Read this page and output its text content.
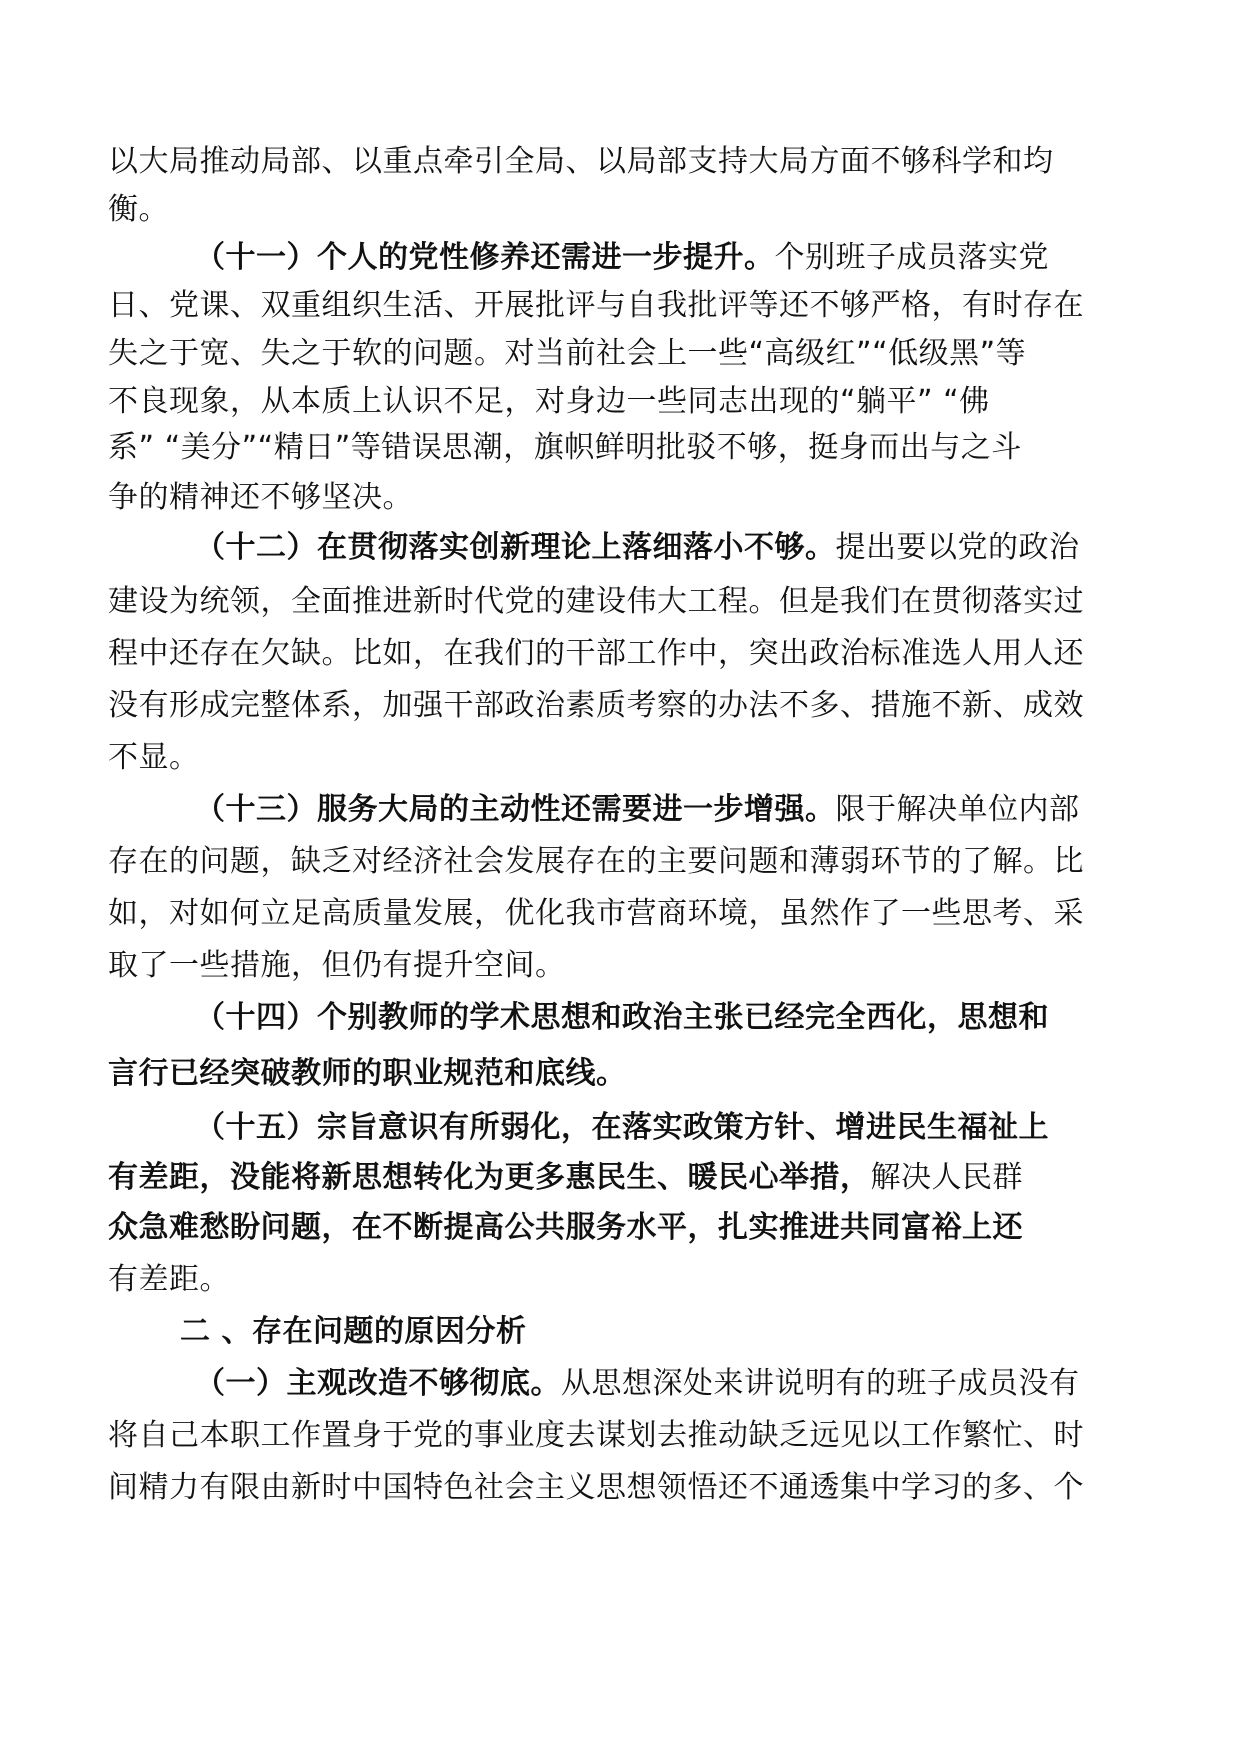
以大局推动局部、以重点牵引全局、以局部支持大局方面不够科学和均
衡。
（十一）个人的党性修养还需进一步提升。个别班子成员落实党
日、党课、双重组织生活、开展批评与自我批评等还不够严格，有时存在
失之于宽、失之于软的问题。对当前社会上一些“高级红”“低级黑”等
不良现象，从本质上认识不足，对身边一些同志出现的“躺平” “佛
系” “美分”“精日”等错误思潮，旗帜鲜明批驳不够，挺身而出与之斗
争的精神还不够坚决。
（十二）在贯彻落实创新理论上落细落小不够。提出要以党的政治
建设为统领，全面推进新时代党的建设伟大工程。但是我们在贯彻落实过
程中还存在欠缺。比如，在我们的干部工作中，突出政治标准选人用人还
没有形成完整体系，加强干部政治素质考察的办法不多、措施不新、成效
不显。
（十三）服务大局的主动性还需要进一步增强。限于解决单位内部
存在的问题，缺乏对经济社会发展存在的主要问题和薄弱环节的了解。比
如，对如何立足高质量发展，优化我市营商环境，虽然作了一些思考、采
取了一些措施，但仍有提升空间。
（十四）个别教师的学术思想和政治主张已经完全西化，思想和
言行已经突破教师的职业规范和底线。
（十五）宗旨意识有所弱化，在落实政策方针、增进民生福祉上
有差距，没能将新思想转化为更多惠民生、暖民心举措，解决人民群
众急难愁盼问题，在不断提高公共服务水平，扎实推进共同富裕上还
有差距。
二 、存在问题的原因分析
（一）主观改造不够彻底。从思想深处来讲说明有的班子成员没有
将自己本职工作置身于党的事业度去谋划去推动缺乏远见以工作繁忙、时
间精力有限由新时中国特色社会主义思想领悟还不通透集中学习的多、个
